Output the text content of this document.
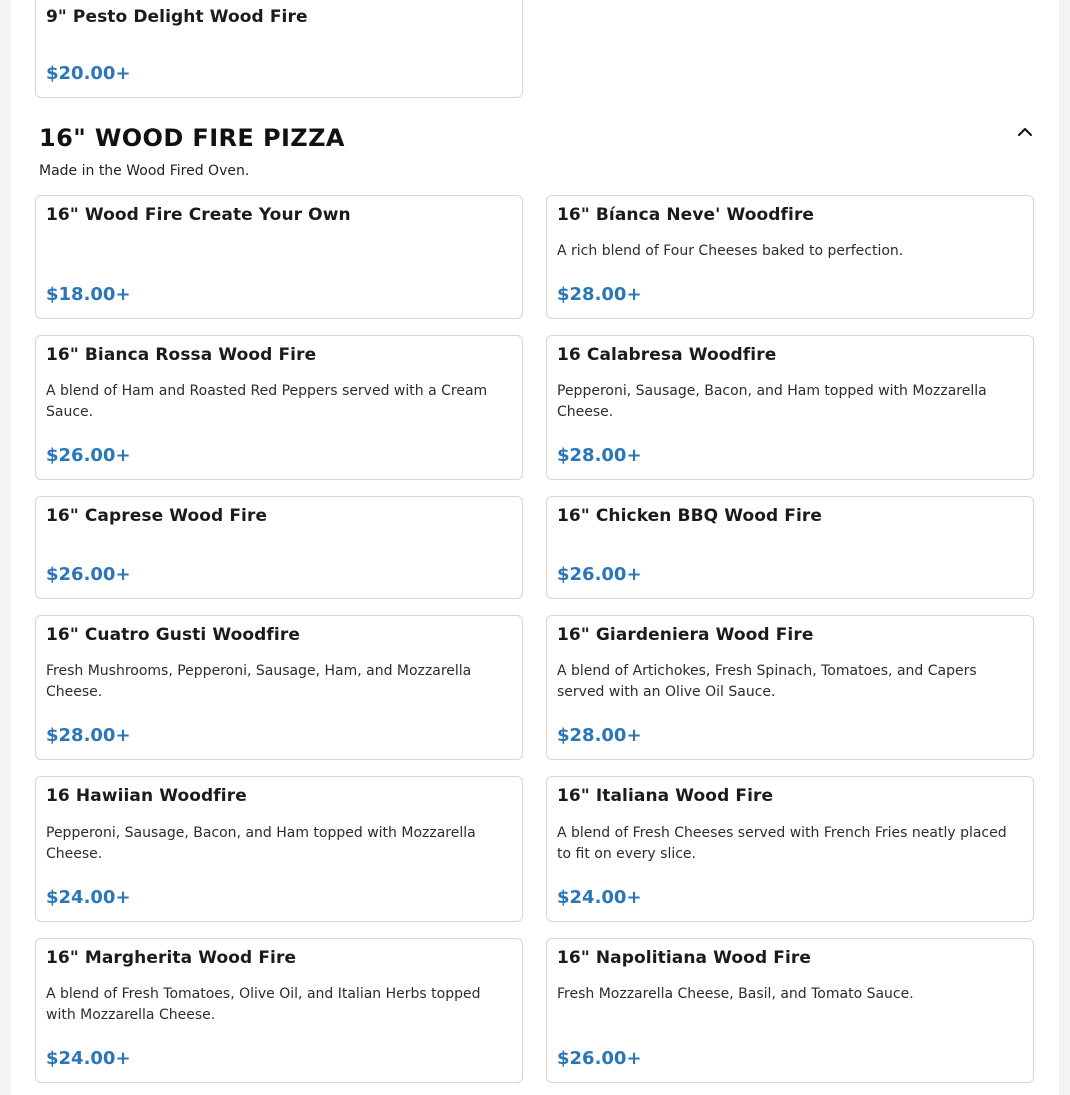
9" Pesto Delight Wood Fire
$20.00+
16" WOOD FIRE PIZZA
Made in the Wood Fired Oven.
16" Wood Fire Create Your Own
$18.00+
16" Bíanca Neve' Woodfire
A rich blend of Four Cheeses baked to perfection.
$28.00+
16" Bianca Rossa Wood Fire
A blend of Ham and Roasted Red Peppers served with a Cream Sauce.
$26.00+
16 Calabresa Woodfire
Pepperoni, Sausage, Bacon, and Ham topped with Mozzarella Cheese.
$28.00+
16" Caprese Wood Fire
$26.00+
16" Chicken BBQ Wood Fire
$26.00+
16" Cuatro Gusti Woodfire
Fresh Mushrooms, Pepperoni, Sausage, Ham, and Mozzarella Cheese.
$28.00+
16" Giardeniera Wood Fire
A blend of Artichokes, Fresh Spinach, Tomatoes, and Capers served with an Olive Oil Sauce.
$28.00+
16 Hawiian Woodfire
Pepperoni, Sausage, Bacon, and Ham topped with Mozzarella Cheese.
$24.00+
16" Italiana Wood Fire
A blend of Fresh Cheeses served with French Fries neatly placed to fit on every slice.
$24.00+
16" Margherita Wood Fire
A blend of Fresh Tomatoes, Olive Oil, and Italian Herbs topped with Mozzarella Cheese.
$24.00+
16" Napolitiana Wood Fire
Fresh Mozzarella Cheese, Basil, and Tomato Sauce.
$26.00+
